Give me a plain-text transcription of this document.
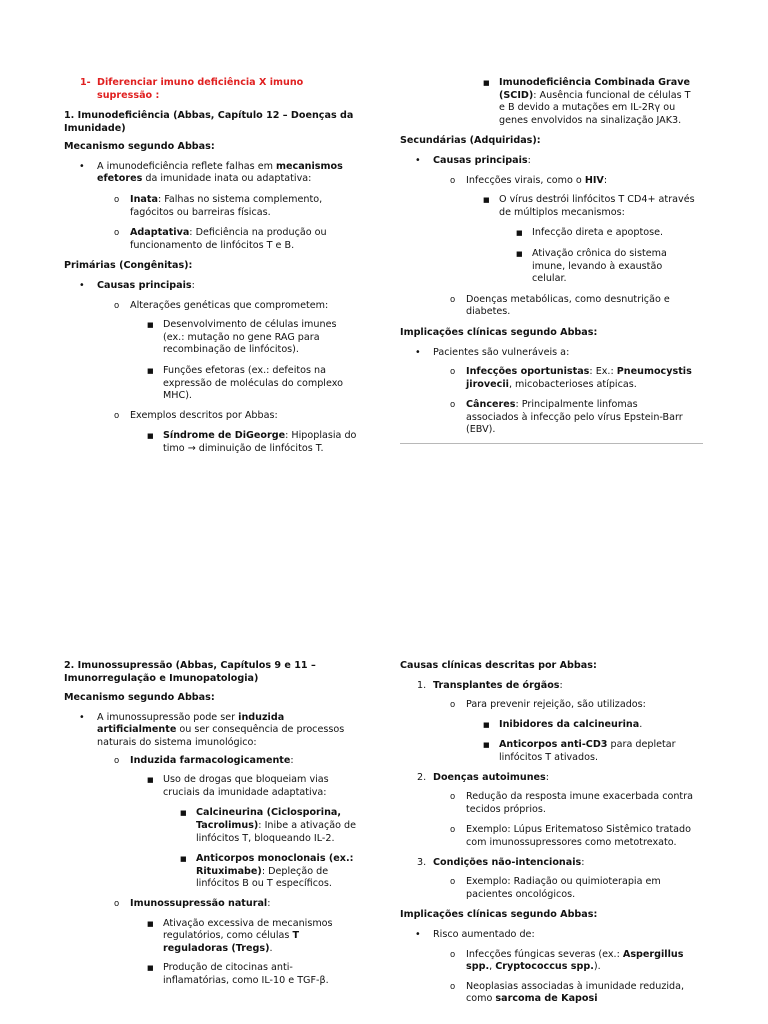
1- Diferenciar imuno deficiência X imuno

supressão :

1. Imunodeficiência (Abbas, Capítulo 12 – Doenças da

Imunidade)

Mecanismo segundo Abbas:

• A imunodeficiência reflete falhas em mecanismos

efetores da imunidade inata ou adaptativa:

o Inata: Falhas no sistema complemento,

fagócitos ou barreiras físicas.

o Adaptativa: Deficiência na produção ou

funcionamento de linfócitos T e B.

Primárias (Congênitas):

• Causas principais:

o Alterações genéticas que comprometem:

■ Desenvolvimento de células imunes

(ex.: mutação no gene RAG para

recombinação de linfócitos).

■ Funções efetoras (ex.: defeitos na

expressão de moléculas do complexo

MHC).

o Exemplos descritos por Abbas:

■ Síndrome de DiGeorge: Hipoplasia do

timo → diminuição de linfócitos T.

■ Imunodeficiência Combinada Grave

(SCID): Ausência funcional de células T

e B devido a mutações em IL-2Rγ ou

genes envolvidos na sinalização JAK3.

Secundárias (Adquiridas):

• Causas principais:

o Infecções virais, como o HIV:

■ O vírus destrói linfócitos T CD4+ através

de múltiplos mecanismos:

■ Infecção direta e apoptose.

■ Ativação crônica do sistema

imune, levando à exaustão

celular.

o Doenças metabólicas, como desnutrição e

diabetes.

Implicações clínicas segundo Abbas:

• Pacientes são vulneráveis a:

o Infecções oportunistas: Ex.: Pneumocystis

jirovecii, micobacterioses atípicas.

o Cânceres: Principalmente linfomas

associados à infecção pelo vírus Epstein-Barr

(EBV).

2. Imunossupressão (Abbas, Capítulos 9 e 11 –

Imunorregulação e Imunopatologia)

Mecanismo segundo Abbas:

• A imunossupressão pode ser induzida

artificialmente ou ser consequência de processos

naturais do sistema imunológico:

o Induzida farmacologicamente:

■ Uso de drogas que bloqueiam vias

cruciais da imunidade adaptativa:

■ Calcineurina (Ciclosporina,

Tacrolimus): Inibe a ativação de

linfócitos T, bloqueando IL-2.

■ Anticorpos monoclonais (ex.:

Rituximabe): Depleção de

linfócitos B ou T específicos.

o Imunossupressão natural:

■ Ativação excessiva de mecanismos

regulatórios, como células T

reguladoras (Tregs).

■ Produção de citocinas anti-

inflamatórias, como IL-10 e TGF-β.

Causas clínicas descritas por Abbas:

1. Transplantes de órgãos:

o Para prevenir rejeição, são utilizados:

■ Inibidores da calcineurina.

■ Anticorpos anti-CD3 para depletar

linfócitos T ativados.

2. Doenças autoimunes:

o Redução da resposta imune exacerbada contra

tecidos próprios.

o Exemplo: Lúpus Eritematoso Sistêmico tratado

com imunossupressores como metotrexato.

3. Condições não-intencionais:

o Exemplo: Radiação ou quimioterapia em

pacientes oncológicos.

Implicações clínicas segundo Abbas:

• Risco aumentado de:

o Infecções fúngicas severas (ex.: Aspergillus

spp., Cryptococcus spp.).

o Neoplasias associadas à imunidade reduzida,

como sarcoma de Kaposi
